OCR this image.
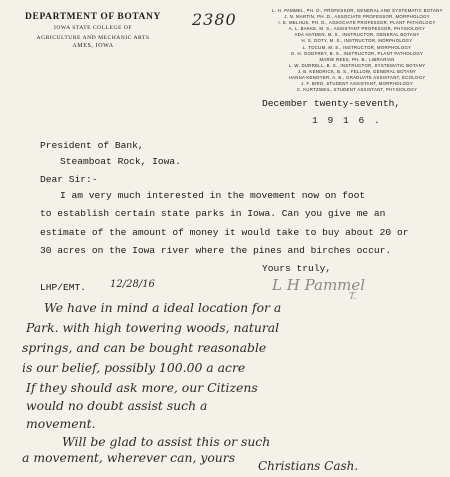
DEPARTMENT OF BOTANY
IOWA STATE COLLEGE OF
AGRICULTURE AND MECHANIC ARTS
AMES, IOWA
2380	L. H. PAMMEL, PH. D., PROFESSOR, GENERAL AND SYSTEMATIC BOTANY
J. N. MARTIN, PH. D., ASSOCIATE PROFESSOR, MORPHOLOGY
I. E. MELHUS, PH. D., ASSOCIATE PROFESSOR, PLANT PATHOLOGY
A. L. BAKKE, M. S., ASSISTANT PROFESSOR, PHYSIOLOGY
ADA HAYDEN, M. S., INSTRUCTOR, GENERAL BOTANY
H. S. DOTY, M. S., INSTRUCTOR, MORPHOLOGY
L. TOCUM, M. S., INSTRUCTOR, MORPHOLOGY
G. H. GODFREY, B. S., INSTRUCTOR, PLANT PATHOLOGY
MARIE REES, PH. B., LIBRARIAN
L. W. DURRELL, B. S., INSTRUCTOR, SYSTEMATIC BOTANY
J. B. KENDRICK, B. S., FELLOW, GENERAL BOTANY
HANNA KENOYER, A. B., GRADUATE ASSISTANT, ECOLOGY
J. F. BIRD, STUDENT ASSISTANT, MORPHOLOGY
C. KURTZWEIL, STUDENT ASSISTANT, PHYSIOLOGY
December twenty-seventh,
1 9 1 6 .
President of Bank,
Steamboat Rock, Iowa.
Dear Sir:-
I am very much interested in the movement now on foot
to establish certain state parks in Iowa. Can you give me an
estimate of the amount of money it would take to buy about 20 or
30 acres on the Iowa river where the pines and birches occur.
Yours truly,
LHP/EMT. 12/28/16	L H Pammel
T.
We have in mind a ideal location for a
Park. with high towering woods, natural
springs, and can be bought reasonable
is our belief, possibly 100.00 a acre
If they should ask more, our Citizens
would no doubt assist such a
movement.
Will be glad to assist this or such
a movement, wherever can, yours
Christians Cash.
